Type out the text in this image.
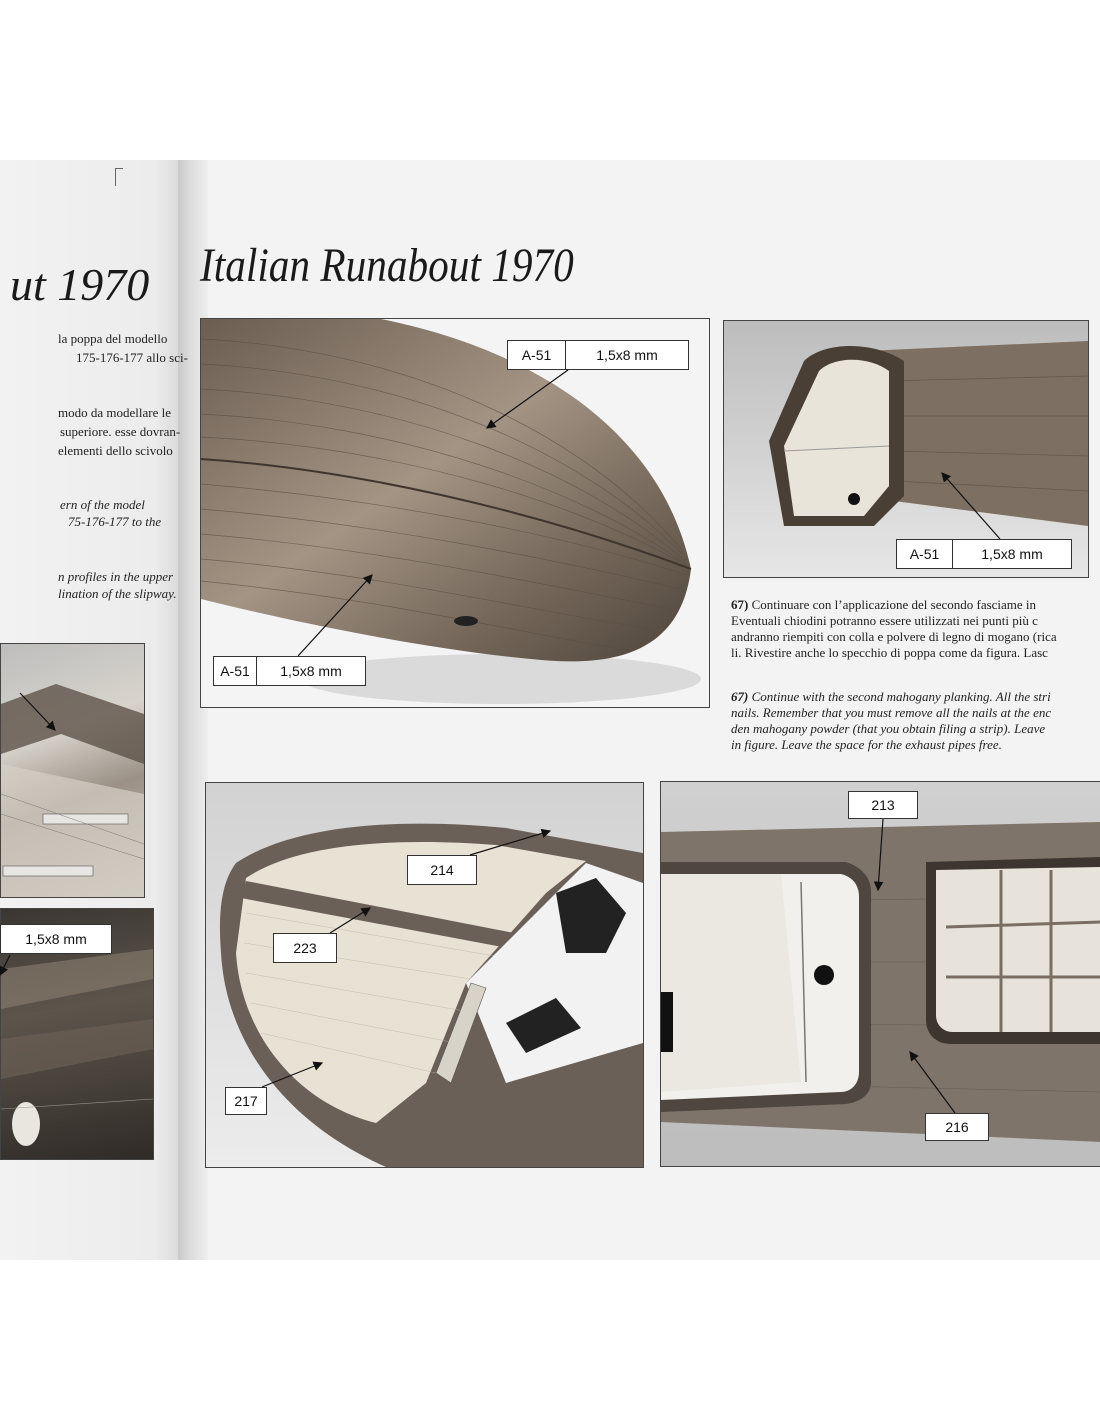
ut 1970
la poppa del modello
175-176-177 allo sci-
modo da modellare le
superiore. esse dovran-
elementi dello scivolo
ern of the model
75-176-177 to the
n profiles in the upper
lination of the slipway.
1,5x8 mm
Italian Runabout 1970
A-51	1,5x8 mm
A-51	1,5x8 mm
A-51	1,5x8 mm
67) Continuare con l’applicazione del secondo fasciame in
Eventuali chiodini potranno essere utilizzati nei punti più c
andranno riempiti con colla e polvere di legno di mogano (rica
li. Rivestire anche lo specchio di poppa come da figura. Lasc
67) Continue with the second mahogany planking. All the stri
nails. Remember that you must remove all the nails at the enc
den mahogany powder (that you obtain filing a strip). Leave
in figure. Leave the space for the exhaust pipes free.
214
223
217
213
216
